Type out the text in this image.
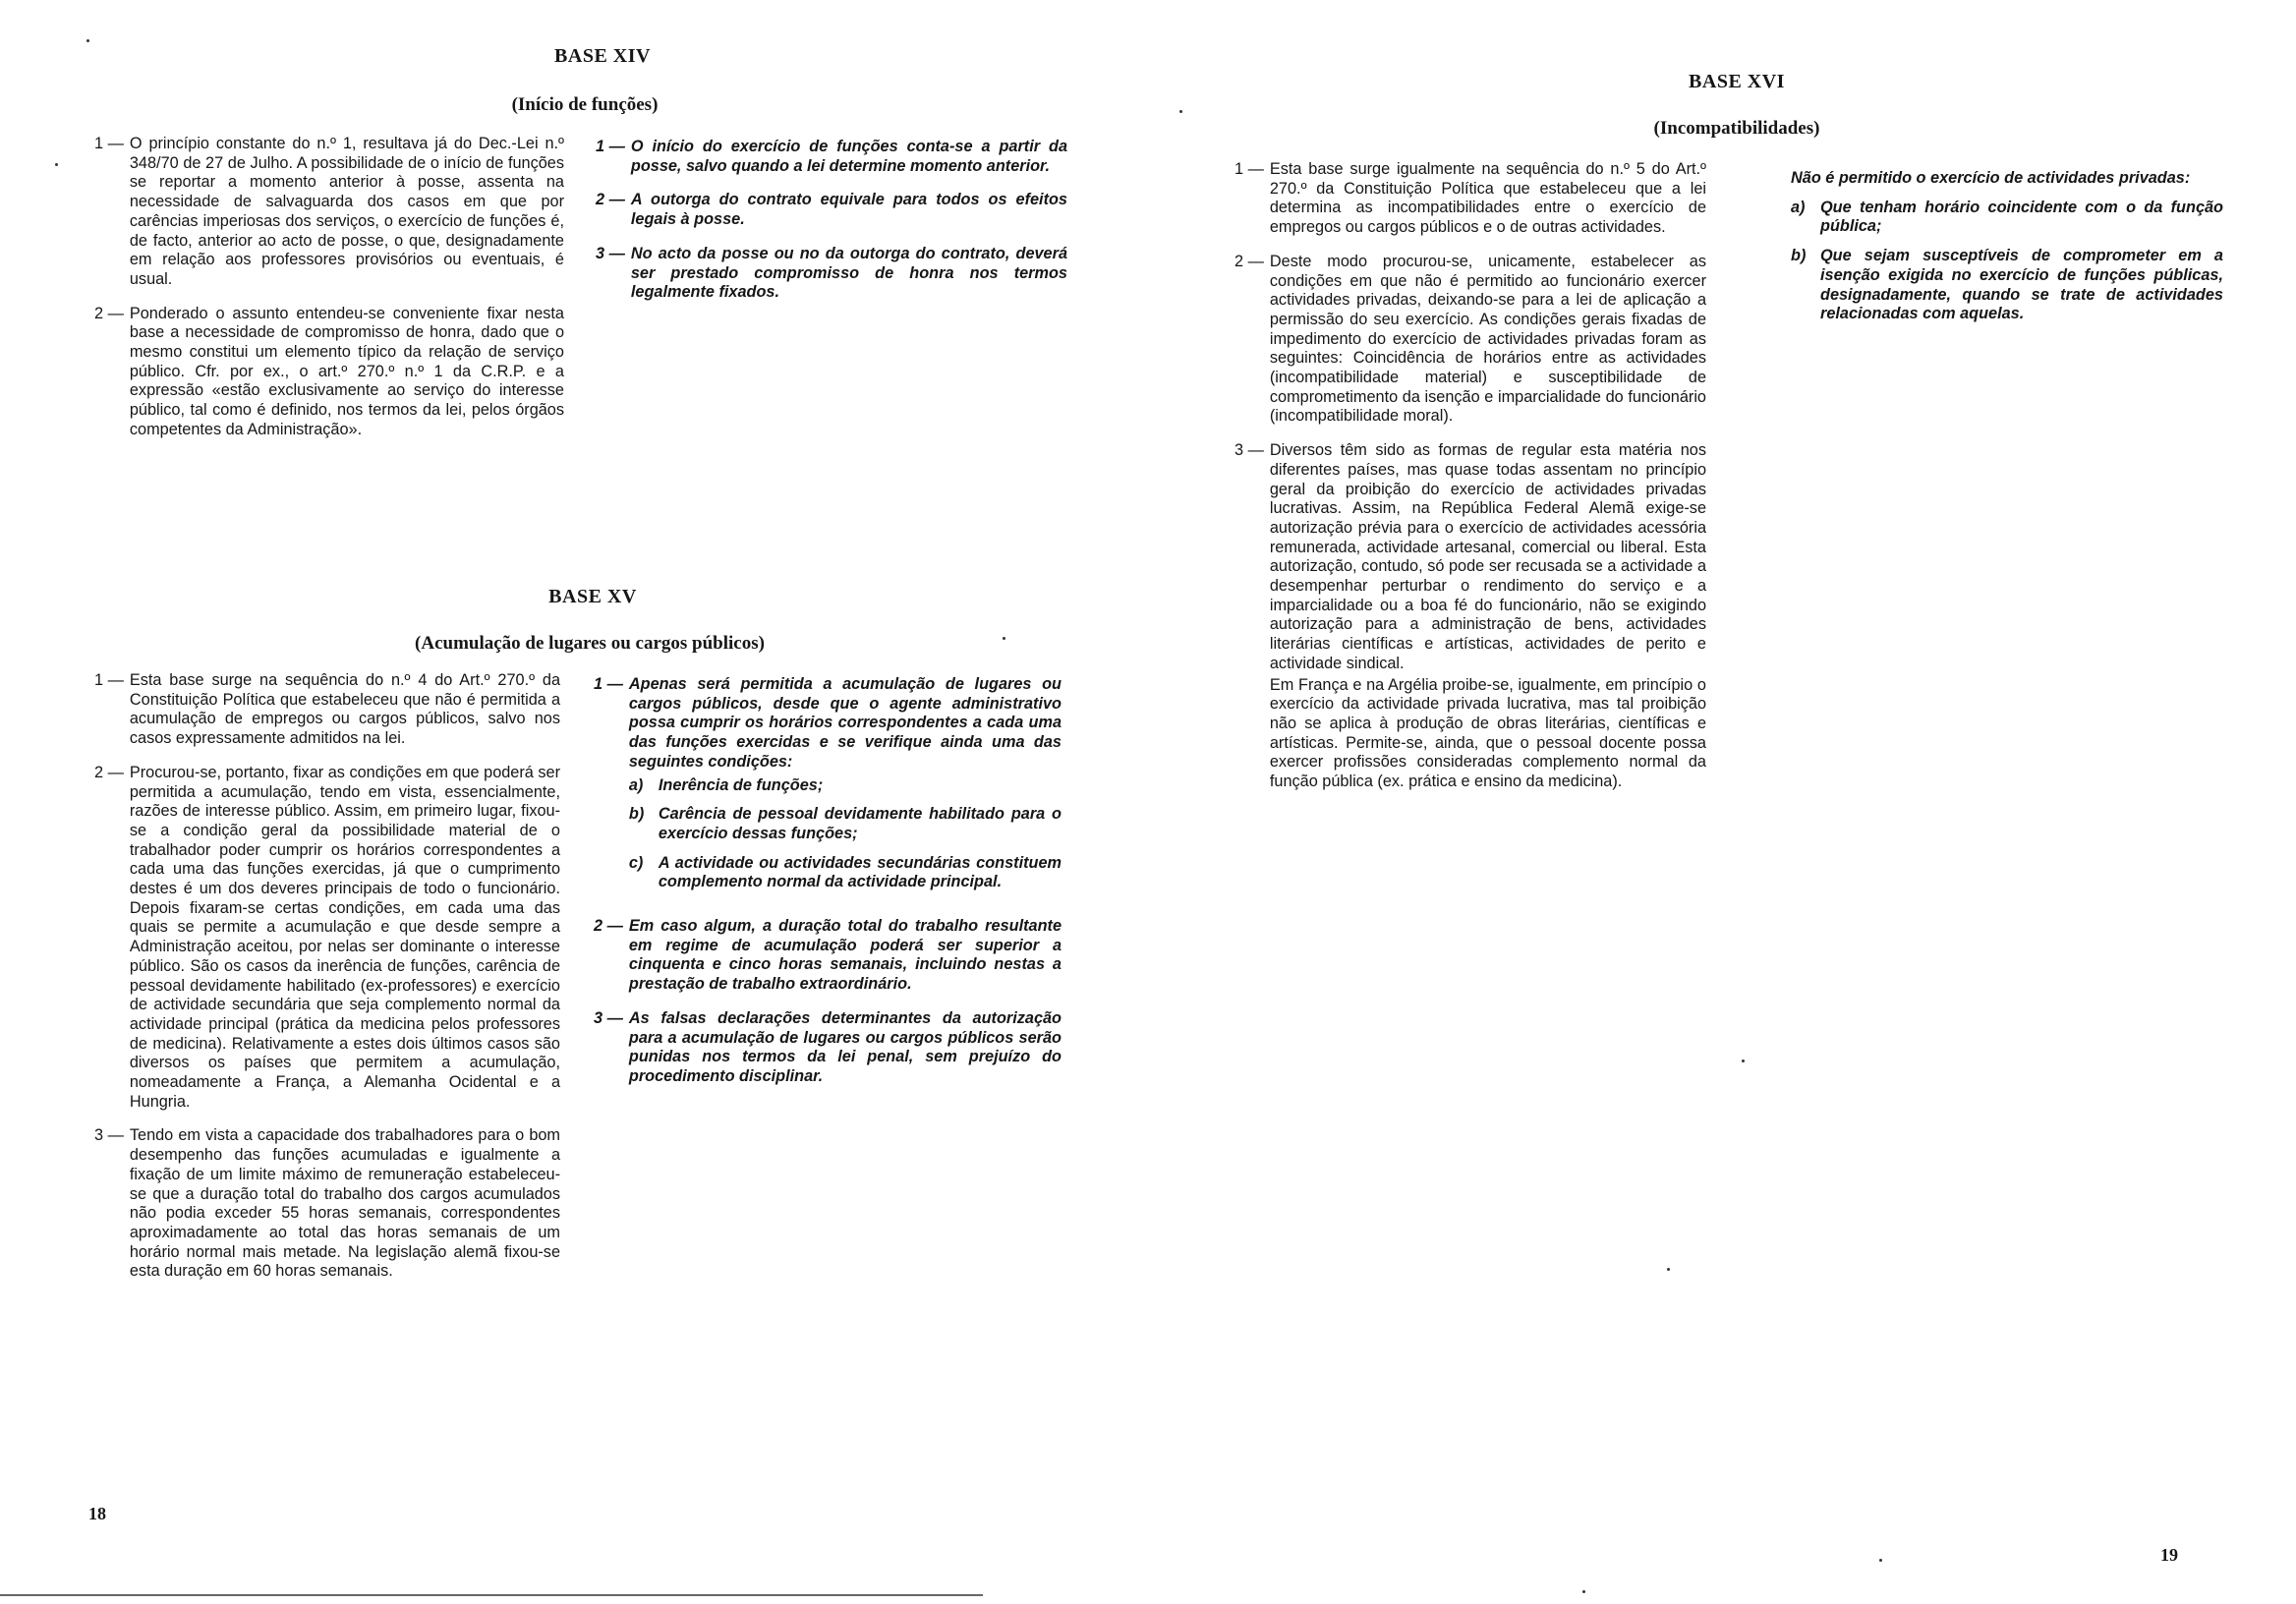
BASE XIV
(Início de funções)
1 — O princípio constante do n.º 1, resultava já do Dec.-Lei n.º 348/70 de 27 de Julho. A possibilidade de o início de funções se reportar a momento anterior à posse, assenta na necessidade de salvaguarda dos casos em que por carências imperiosas dos serviços, o exercício de funções é, de facto, anterior ao acto de posse, o que, designadamente em relação aos professores provisórios ou eventuais, é usual.
2 — Ponderado o assunto entendeu-se conveniente fixar nesta base a necessidade de compromisso de honra, dado que o mesmo constitui um elemento típico da relação de serviço público. Cfr. por ex., o art.º 270.º n.º 1 da C.R.P. e a expressão «estão exclusivamente ao serviço do interesse público, tal como é definido, nos termos da lei, pelos órgãos competentes da Administração».
1 — O início do exercício de funções conta-se a partir da posse, salvo quando a lei determine momento anterior.
2 — A outorga do contrato equivale para todos os efeitos legais à posse.
3 — No acto da posse ou no da outorga do contrato, deverá ser prestado compromisso de honra nos termos legalmente fixados.
BASE XV
(Acumulação de lugares ou cargos públicos)
1 — Esta base surge na sequência do n.º 4 do Art.º 270.º da Constituição Política que estabeleceu que não é permitida a acumulação de empregos ou cargos públicos, salvo nos casos expressamente admitidos na lei.
2 — Procurou-se, portanto, fixar as condições em que poderá ser permitida a acumulação, tendo em vista, essencialmente, razões de interesse público. Assim, em primeiro lugar, fixou-se a condição geral da possibilidade material de o trabalhador poder cumprir os horários correspondentes a cada uma das funções exercidas, já que o cumprimento destes é um dos deveres principais de todo o funcionário. Depois fixaram-se certas condições, em cada uma das quais se permite a acumulação e que desde sempre a Administração aceitou, por nelas ser dominante o interesse público. São os casos da inerência de funções, carência de pessoal devidamente habilitado (ex-professores) e exercício de actividade secundária que seja complemento normal da actividade principal (prática da medicina pelos professores de medicina). Relativamente a estes dois últimos casos são diversos os países que permitem a acumulação, nomeadamente a França, a Alemanha Ocidental e a Hungria.
3 — Tendo em vista a capacidade dos trabalhadores para o bom desempenho das funções acumuladas e igualmente a fixação de um limite máximo de remuneração estabeleceu-se que a duração total do trabalho dos cargos acumulados não podia exceder 55 horas semanais, correspondentes aproximadamente ao total das horas semanais de um horário normal mais metade. Na legislação alemã fixou-se esta duração em 60 horas semanais.
1 — Apenas será permitida a acumulação de lugares ou cargos públicos, desde que o agente administrativo possa cumprir os horários correspondentes a cada uma das funções exercidas e se verifique ainda uma das seguintes condições:
a) Inerência de funções;
b) Carência de pessoal devidamente habilitado para o exercício dessas funções;
c) A actividade ou actividades secundárias constituem complemento normal da actividade principal.
2 — Em caso algum, a duração total do trabalho resultante em regime de acumulação poderá ser superior a cinquenta e cinco horas semanais, incluindo nestas a prestação de trabalho extraordinário.
3 — As falsas declarações determinantes da autorização para a acumulação de lugares ou cargos públicos serão punidas nos termos da lei penal, sem prejuízo do procedimento disciplinar.
18
BASE XVI
(Incompatibilidades)
1 — Esta base surge igualmente na sequência do n.º 5 do Art.º 270.º da Constituição Política que estabeleceu que a lei determina as incompatibilidades entre o exercício de empregos ou cargos públicos e o de outras actividades.
2 — Deste modo procurou-se, unicamente, estabelecer as condições em que não é permitido ao funcionário exercer actividades privadas, deixando-se para a lei de aplicação a permissão do seu exercício. As condições gerais fixadas de impedimento do exercício de actividades privadas foram as seguintes: Coincidência de horários entre as actividades (incompatibilidade material) e susceptibilidade de comprometimento da isenção e imparcialidade do funcionário (incompatibilidade moral).
3 — Diversos têm sido as formas de regular esta matéria nos diferentes países, mas quase todas assentam no princípio geral da proibição do exercício de actividades privadas lucrativas. Assim, na República Federal Alemã exige-se autorização prévia para o exercício de actividades acessória remunerada, actividade artesanal, comercial ou liberal. Esta autorização, contudo, só pode ser recusada se a actividade a desempenhar perturbar o rendimento do serviço e a imparcialidade ou a boa fé do funcionário, não se exigindo autorização para a administração de bens, actividades literárias científicas e artísticas, actividades de perito e actividade sindical.
Em França e na Argélia proibe-se, igualmente, em princípio o exercício da actividade privada lucrativa, mas tal proibição não se aplica à produção de obras literárias, científicas e artísticas. Permite-se, ainda, que o pessoal docente possa exercer profissões consideradas complemento normal da função pública (ex. prática e ensino da medicina).
Não é permitido o exercício de actividades privadas:
a) Que tenham horário coincidente com o da função pública;
b) Que sejam susceptíveis de comprometer em a isenção exigida no exercício de funções públicas, designadamente, quando se trate de actividades relacionadas com aquelas.
19
